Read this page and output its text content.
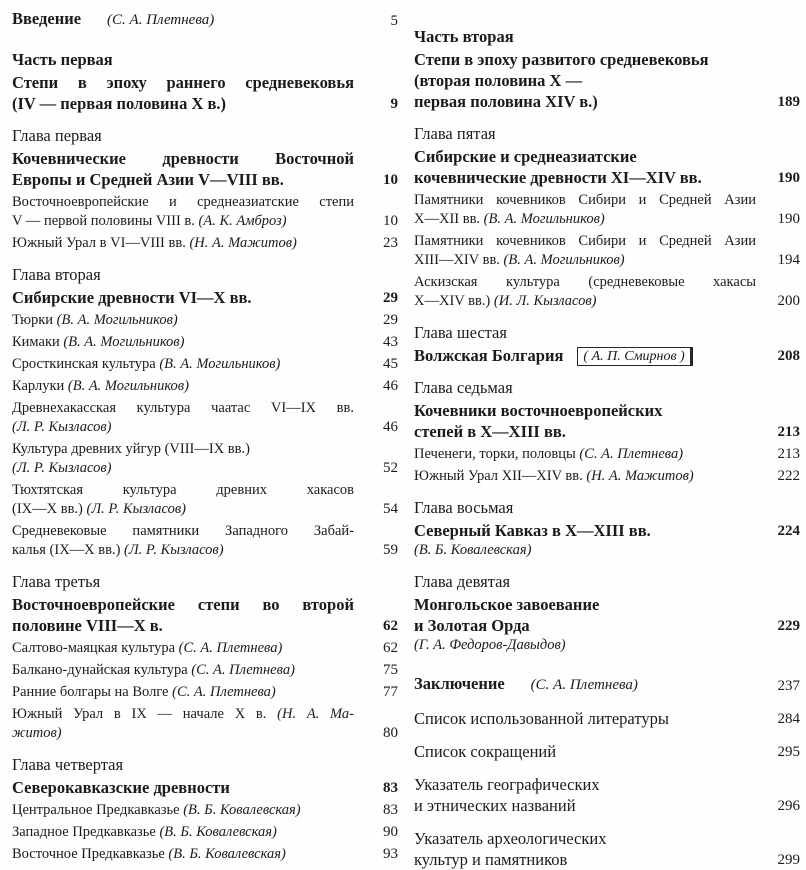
Введение (С. А. Плетнева)	5
Часть первая
Степи в эпоху раннего средневековья
(IV — первая половина X в.)	9
Глава первая
Кочевнические древности Восточной
Европы и Средней Азии V—VIII вв.	10
Восточноевропейские и среднеазиатские степи
V — первой половины VIII в. (А. К. Амброз)	10
Южный Урал в VI—VIII вв. (Н. А. Мажитов)	23
Глава вторая
Сибирские древности VI—X вв.	29
Тюрки (В. А. Могильников)	29
Кимаки (В. А. Могильников)	43
Сросткинская культура (В. А. Могильников)	45
Карлуки (В. А. Могильников)	46
Древнехакасская культура чаатас VI—IX вв.
(Л. Р. Кызласов)	46
Культура древних уйгур (VIII—IX вв.)
(Л. Р. Кызласов)	52
Тюхтятская культура древних хакасов
(IX—X вв.) (Л. Р. Кызласов)	54
Средневековые памятники Западного Забай-
калья (IX—X вв.) (Л. Р. Кызласов)	59
Глава третья
Восточноевропейские степи во второй
половине VIII—X в.	62
Салтово-маяцкая культура (С. А. Плетнева)	62
Балкано-дунайская культура (С. А. Плетнева)	75
Ранние болгары на Волге (С. А. Плетнева)	77
Южный Урал в IX — начале X в. (Н. А. Ма-
житов)	80
Глава четвертая
Северокавказские древности	83
Центральное Предкавказье (В. Б. Ковалевская)	83
Западное Предкавказье (В. Б. Ковалевская)	90
Восточное Предкавказье (В. Б. Ковалевская)	93
Часть вторая
Степи в эпоху развитого средневековья
(вторая половина X —
первая половина XIV в.)	189
Глава пятая
Сибирские и среднеазиатские
кочевнические древности XI—XIV вв.	190
Памятники кочевников Сибири и Средней Азии
X—XII вв. (В. А. Могильников)	190
Памятники кочевников Сибири и Средней Азии
XIII—XIV вв. (В. А. Могильников)	194
Аскизская культура (средневековые хакасы
X—XIV вв.) (И. Л. Кызласов)	200
Глава шестая
Волжская Болгария ( А. П. Смирнов )	208
Глава седьмая
Кочевники восточноевропейских
степей в X—XIII вв.	213
Печенеги, торки, половцы (С. А. Плетнева)	213
Южный Урал XII—XIV вв. (Н. А. Мажитов)	222
Глава восьмая
Северный Кавказ в X—XIII вв.	224
(В. Б. Ковалевская)
Глава девятая
Монгольское завоевание
и Золотая Орда	229
(Г. А. Федоров-Давыдов)
Заключение (С. А. Плетнева)	237
Список использованной литературы	284
Список сокращений	295
Указатель географических
и этнических названий	296
Указатель археологических
культур и памятников	299
